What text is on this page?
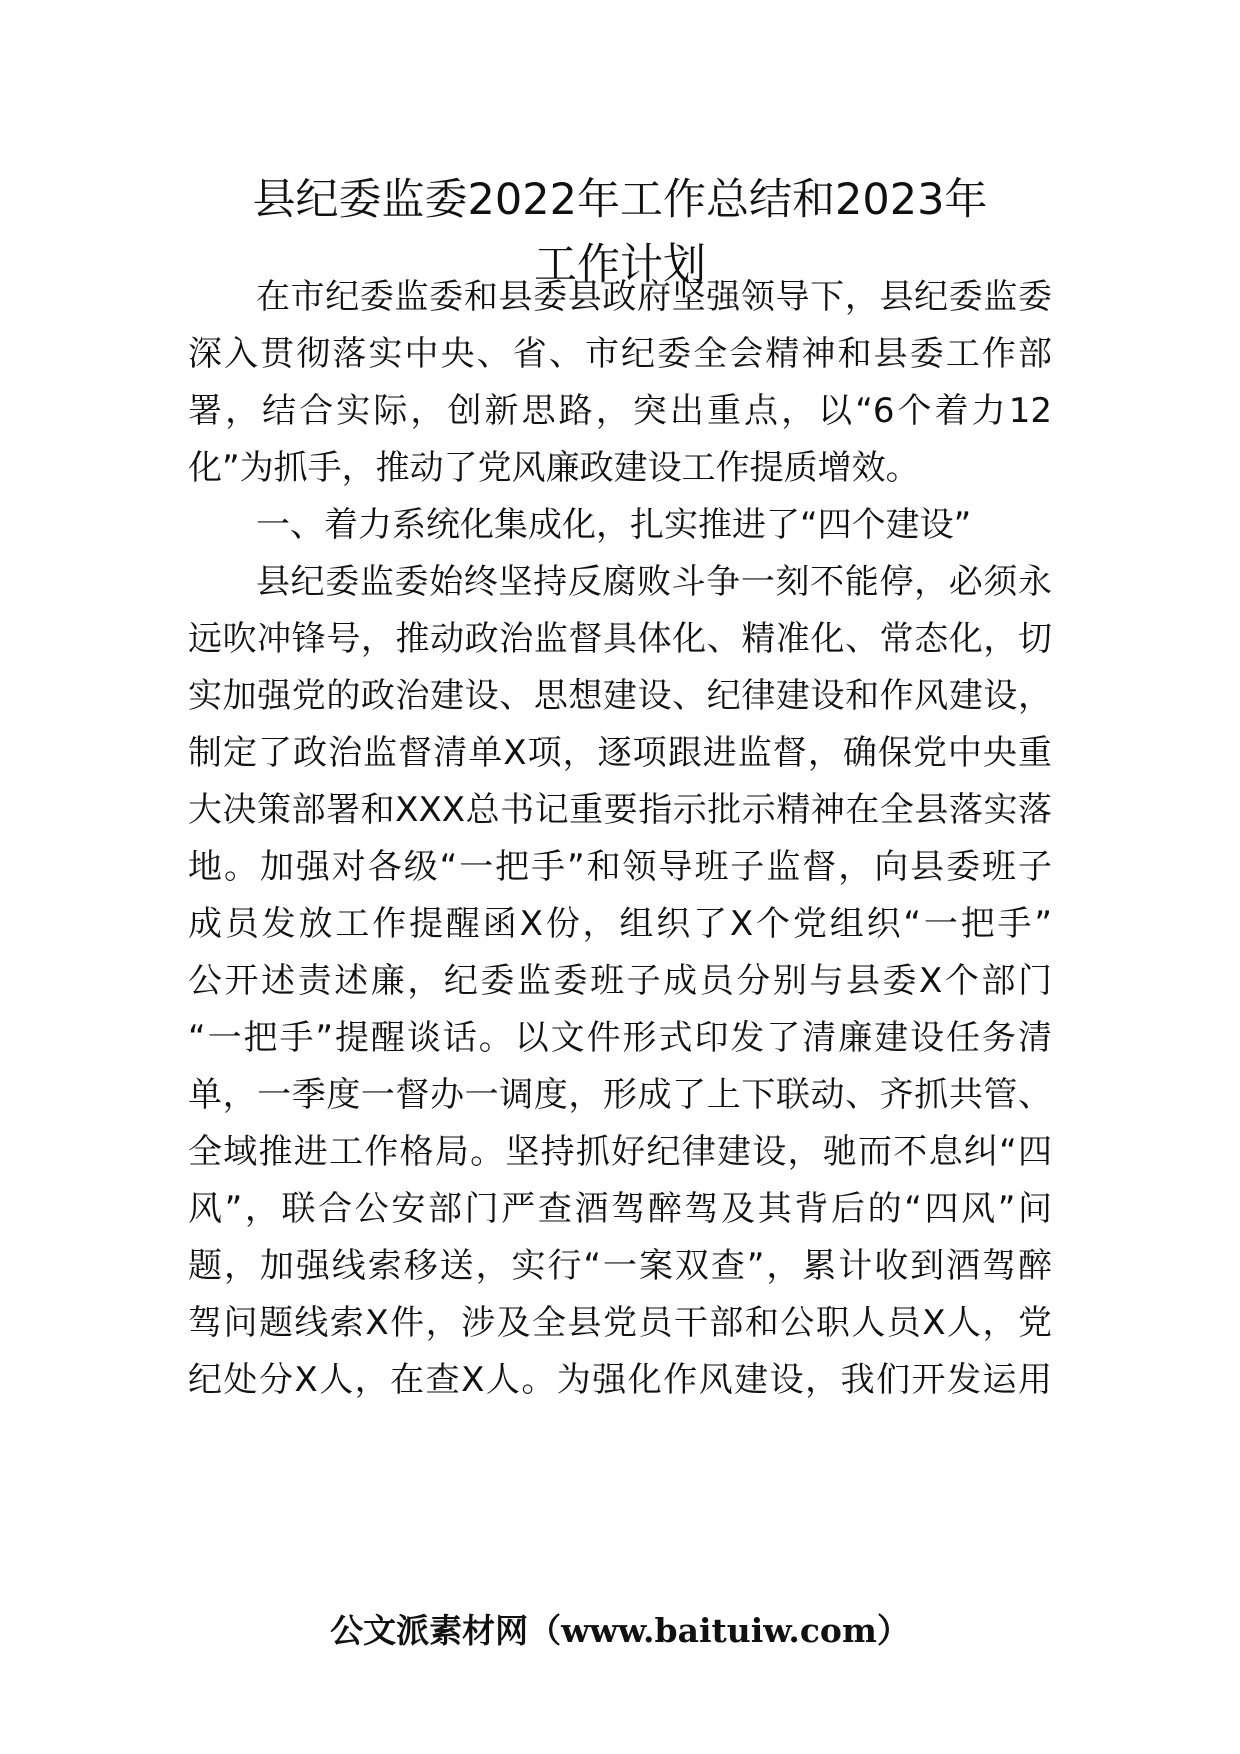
县纪委监委2022年工作总结和2023年
工作计划

在市纪委监委和县委县政府坚强领导下，县纪委监委

深入贯彻落实中央、省、市纪委全会精神和县委工作部

署，结合实际，创新思路，突出重点，以“6个着力12

化”为抓手，推动了党风廉政建设工作提质增效。

一、着力系统化集成化，扎实推进了“四个建设”

县纪委监委始终坚持反腐败斗争一刻不能停，必须永

远吹冲锋号，推动政治监督具体化、精准化、常态化，切

实加强党的政治建设、思想建设、纪律建设和作风建设，

制定了政治监督清单X项，逐项跟进监督，确保党中央重

大决策部署和XXX总书记重要指示批示精神在全县落实落

地。加强对各级“一把手”和领导班子监督，向县委班子

成员发放工作提醒函X份，组织了X个党组织“一把手”

公开述责述廉，纪委监委班子成员分别与县委X个部门

“一把手”提醒谈话。以文件形式印发了清廉建设任务清

单，一季度一督办一调度，形成了上下联动、齐抓共管、

全域推进工作格局。坚持抓好纪律建设，驰而不息纠“四

风”，联合公安部门严查酒驾醉驾及其背后的“四风”问

题，加强线索移送，实行“一案双查”，累计收到酒驾醉

驾问题线索X件，涉及全县党员干部和公职人员X人，党

纪处分X人，在查X人。为强化作风建设，我们开发运用

公文派素材网（www.baituiw.com）
